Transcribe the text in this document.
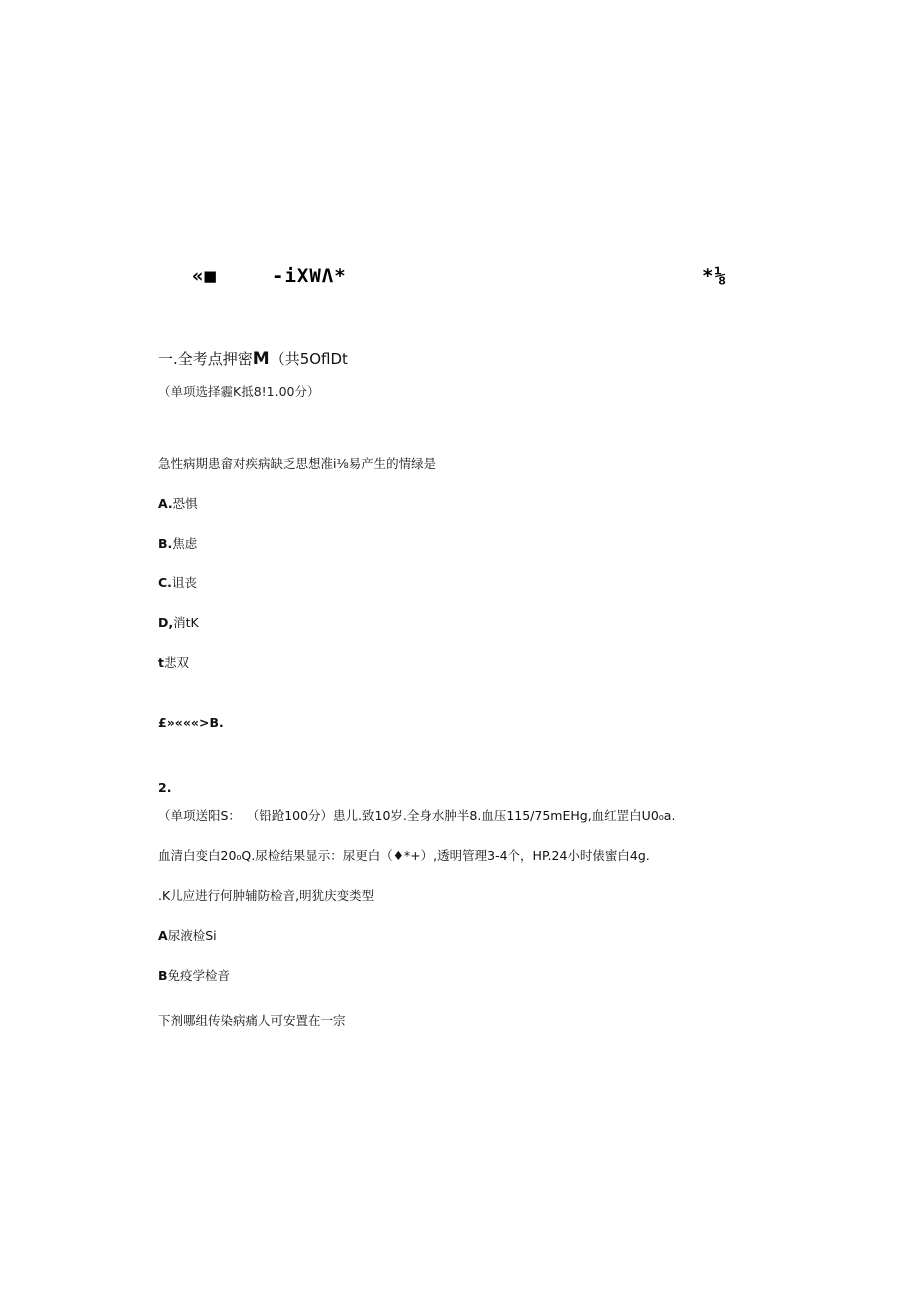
«■	-iXWΛ*	*⅛
一.全考点押密M（共5OflDt
（单项选择霾K抵8!1.00分）
急性病期患畲对疾病缺乏思想准i⅛易产生的情绿是
A.恐惧
B.焦虑
C.诅丧
D,消tK
t悲双
£»«««>B.
2.
（单项送阳S： （铅跄100分）患儿.致10岁.全身水肿半8.血压115/75mEHg,血红罡白U0₀a.
血清白变白20₀Q.尿检结果显示：尿更白（♦*+）,透明管理3-4个，HP.24小时俵蜜白4g.
.K儿应进行何肿辅防检音,明犹庆变类型
A尿液检Si
B免疫学检音
下剂哪组传染病痛人可安置在一宗
